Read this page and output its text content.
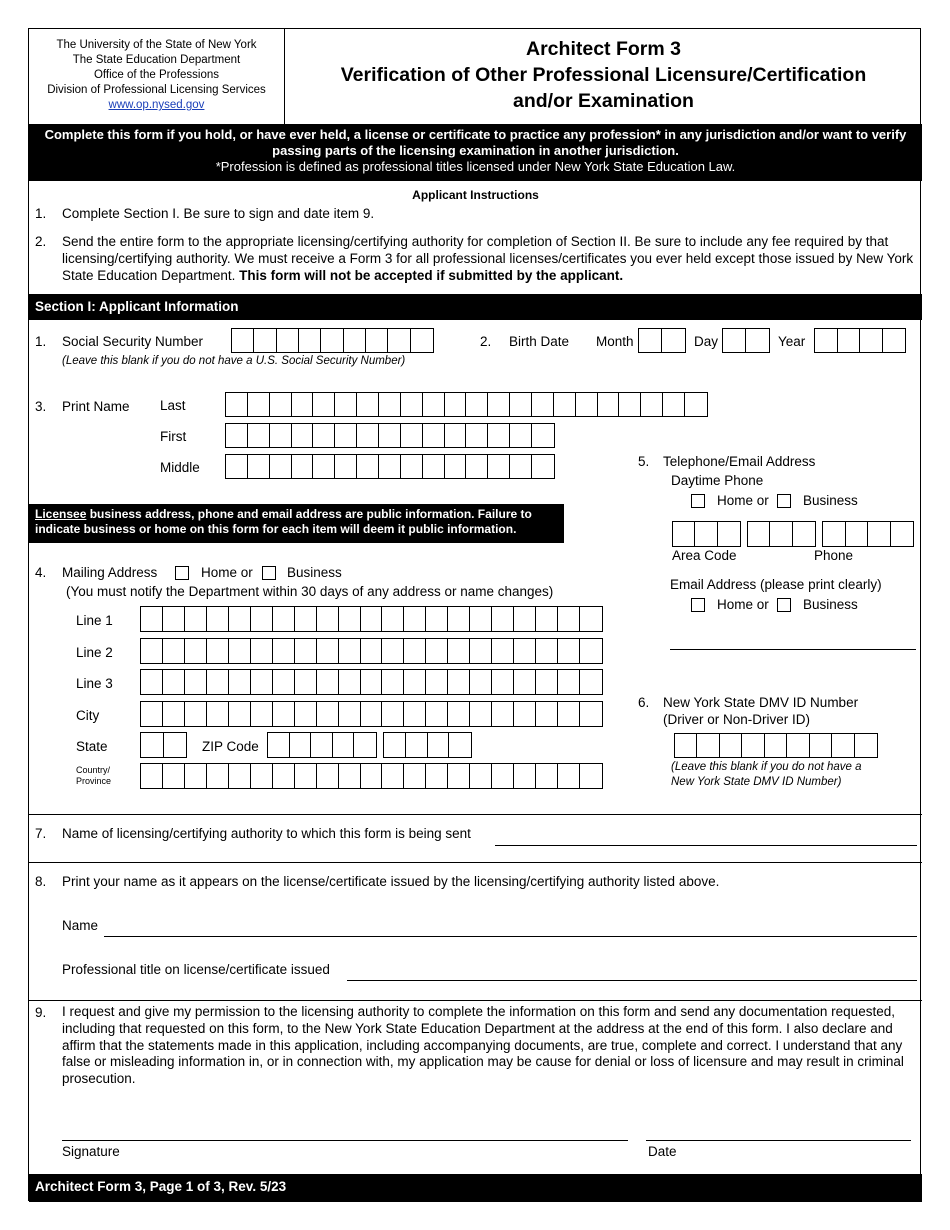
The University of the State of New York
The State Education Department
Office of the Professions
Division of Professional Licensing Services
www.op.nysed.gov
Architect Form 3
Verification of Other Professional Licensure/Certification
and/or Examination
Complete this form if you hold, or have ever held, a license or certificate to practice any profession* in any jurisdiction and/or want to verify passing parts of the licensing examination in another jurisdiction.
*Profession is defined as professional titles licensed under New York State Education Law.
Applicant Instructions
1. Complete Section I. Be sure to sign and date item 9.
2. Send the entire form to the appropriate licensing/certifying authority for completion of Section II. Be sure to include any fee required by that licensing/certifying authority. We must receive a Form 3 for all professional licenses/certificates you ever held except those issued by New York State Education Department. This form will not be accepted if submitted by the applicant.
Section I: Applicant Information
1. Social Security Number
(Leave this blank if you do not have a U.S. Social Security Number)
2. Birth Date Month	Day	Year
3. Print Name Last
First
Middle
Licensee business address, phone and email address are public information. Failure to indicate business or home on this form for each item will deem it public information.
4. Mailing Address	Home or	Business
(You must notify the Department within 30 days of any address or name changes)
Line 1
Line 2
Line 3
City
State	ZIP Code
Country/
Province
5. Telephone/Email Address
Daytime Phone
Home or	Business
Area Code	Phone
Email Address (please print clearly)
Home or	Business
6. New York State DMV ID Number
(Driver or Non-Driver ID)
(Leave this blank if you do not have a
New York State DMV ID Number)
7. Name of licensing/certifying authority to which this form is being sent
8. Print your name as it appears on the license/certificate issued by the licensing/certifying authority listed above.
Name
Professional title on license/certificate issued
9. I request and give my permission to the licensing authority to complete the information on this form and send any documentation requested, including that requested on this form, to the New York State Education Department at the address at the end of this form. I also declare and affirm that the statements made in this application, including accompanying documents, are true, complete and correct. I understand that any false or misleading information in, or in connection with, my application may be cause for denial or loss of licensure and may result in criminal prosecution.
Signature	Date
Architect Form 3, Page 1 of 3, Rev. 5/23
